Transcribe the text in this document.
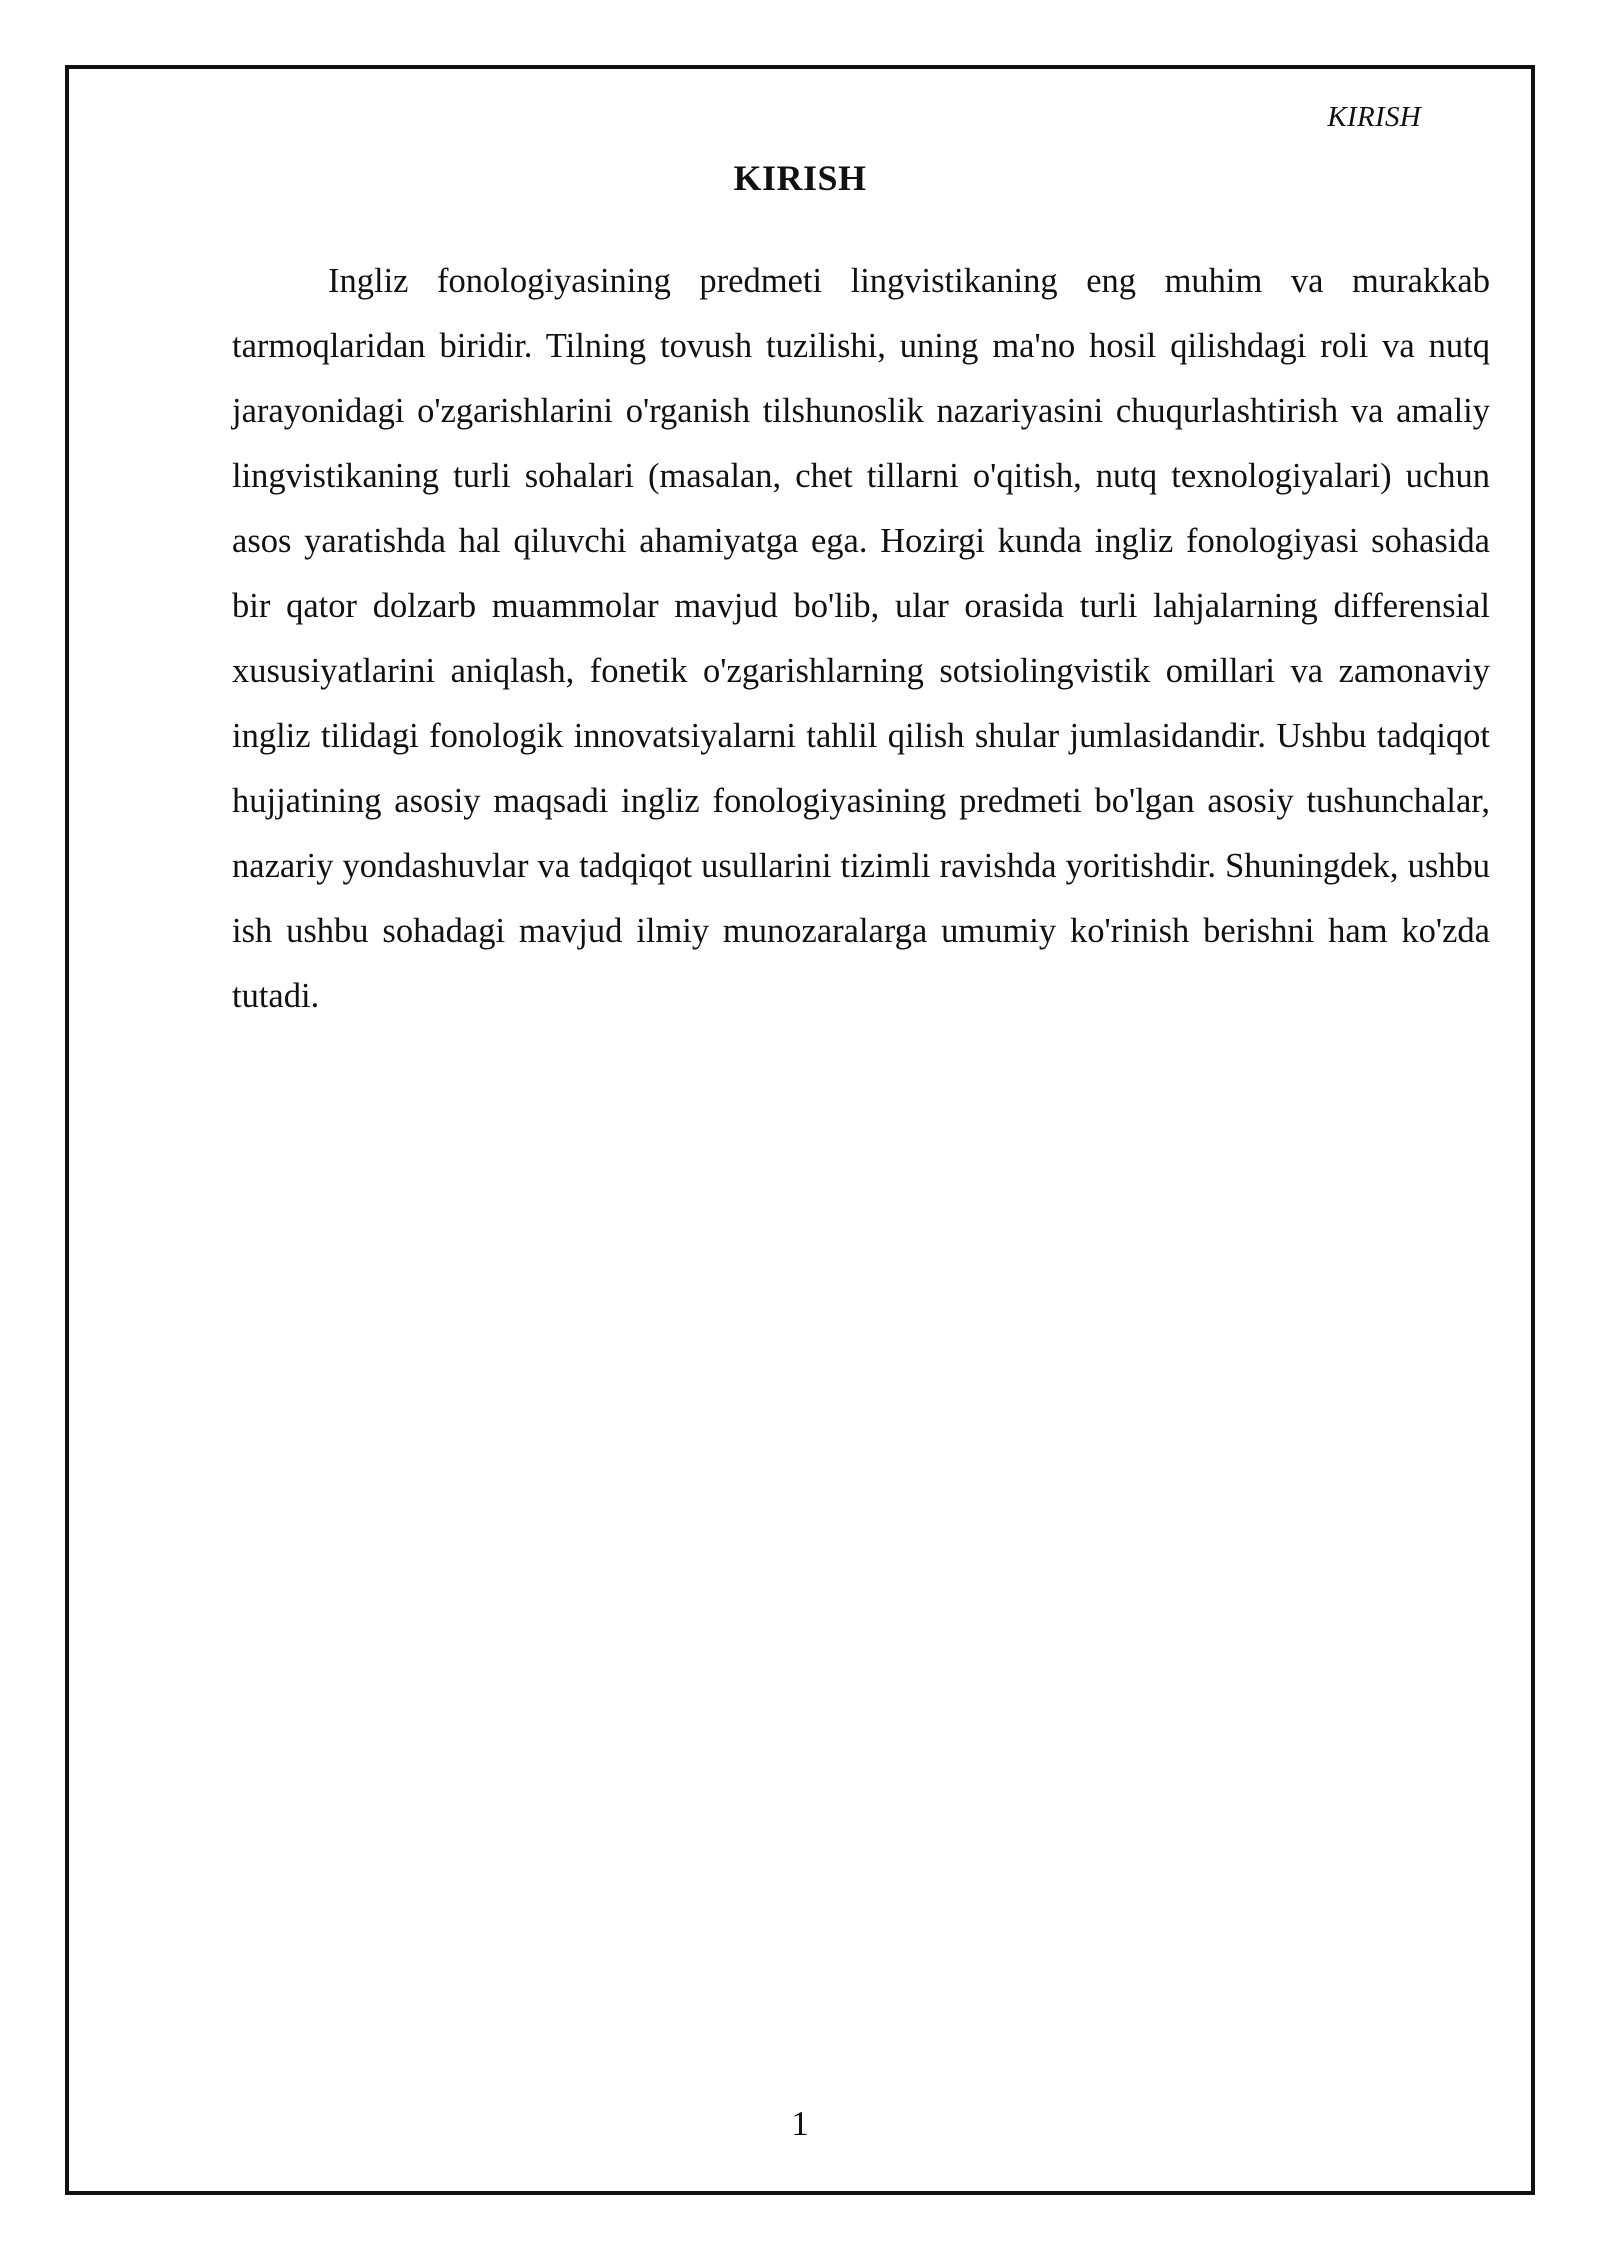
KIRISH
KIRISH

Ingliz fonologiyasining predmeti lingvistikaning eng muhim va murakkab tarmoqlaridan biridir. Tilning tovush tuzilishi, uning ma'no hosil qilishdagi roli va nutq jarayonidagi o'zgarishlarini o'rganish tilshunoslik nazariyasini chuqurlashtirish va amaliy lingvistikaning turli sohalari (masalan, chet tillarni o'qitish, nutq texnologiyalari) uchun asos yaratishda hal qiluvchi ahamiyatga ega. Hozirgi kunda ingliz fonologiyasi sohasida bir qator dolzarb muammolar mavjud bo'lib, ular orasida turli lahjalarning differensial xususiyatlarini aniqlash, fonetik o'zgarishlarning sotsiolingvistik omillari va zamonaviy ingliz tilidagi fonologik innovatsiyalarni tahlil qilish shular jumlasidandir. Ushbu tadqiqot hujjatining asosiy maqsadi ingliz fonologiyasining predmeti bo'lgan asosiy tushunchalar, nazariy yondashuvlar va tadqiqot usullarini tizimli ravishda yoritishdir. Shuningdek, ushbu ish ushbu sohadagi mavjud ilmiy munozaralarga umumiy ko'rinish berishni ham ko'zda tutadi.

1
